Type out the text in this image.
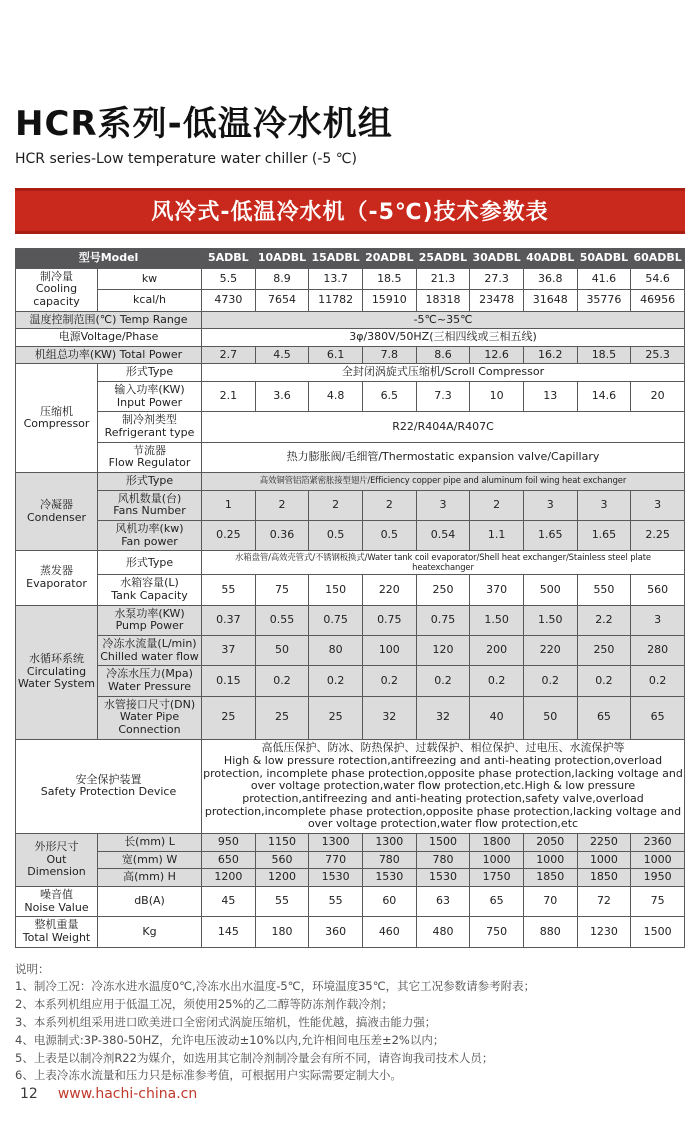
HCR系列-低温冷水机组
HCR series-Low temperature water chiller (-5 ℃)
风冷式-低温冷水机（-5℃)技术参数表
型号Model		5ADBL	10ADBL	15ADBL	20ADBL	25ADBL	30ADBL	40ADBL	50ADBL	60ADBL
制冷量
Cooling capacity	kw	5.5	8.9	13.7	18.5	21.3	27.3	36.8	41.6	54.6
	kcal/h	4730	7654	11782	15910	18318	23478	31648	35776	46956
温度控制范围(℃) Temp Range		-5℃~35℃								
电源Voltage/Phase		3φ/380V/50HZ(三相四线或三相五线)								
机组总功率(KW) Total Power		2.7	4.5	6.1	7.8	8.6	12.6	16.2	18.5	25.3
压缩机
Compressor	形式Type	全封闭涡旋式压缩机/Scroll Compressor								
	输入功率(KW)
Input Power	2.1	3.6	4.8	6.5	7.3	10	13	14.6	20
	制冷剂类型
Refrigerant type	R22/R404A/R407C								
	节流器
Flow Regulator	热力膨胀阀/毛细管/Thermostatic expansion valve/Capillary								
冷凝器
Condenser	形式Type	高效铜管铝箔紧密胀接型翅片/Efficiency copper pipe and aluminum foil wing heat exchanger								
	风机数量(台)
Fans Number	1	2	2	2	3	2	3	3	3
	风机功率(kw)
Fan power	0.25	0.36	0.5	0.5	0.54	1.1	1.65	1.65	2.25
蒸发器
Evaporator	形式Type	水箱盘管/高效壳管式/不锈钢板换式/Water tank coil evaporator/Shell heat exchanger/Stainless steel plate heatexchanger								
	水箱容量(L)
Tank Capacity	55	75	150	220	250	370	500	550	560
水循环系统
Circulating
Water System	水泵功率(KW)
Pump Power	0.37	0.55	0.75	0.75	0.75	1.50	1.50	2.2	3
	冷冻水流量(L/min)
Chilled water flow	37	50	80	100	120	200	220	250	280
	冷冻水压力(Mpa)
Water Pressure	0.15	0.2	0.2	0.2	0.2	0.2	0.2	0.2	0.2
	水管接口尺寸(DN)
Water Pipe
Connection	25	25	25	32	32	40	50	65	65
安全保护装置
Safety Protection Device	
高低压保护、防冰、防热保护、过载保护、相位保护、过电压、水流保护等
High & low pressure rotection,antifreezing and anti-heating protection,overload protection, incomplete phase protection,opposite phase protection,lacking voltage and over voltage protection,water flow protection,etc.High & low pressure protection,antifreezing and anti-heating protection,safety valve,overload protection,incomplete phase protection,opposite phase protection,lacking voltage and over voltage protection,water flow protection,etc

外形尺寸
Out Dimension	长(mm) L	950	1150	1300	1300	1500	1800	2050	2250	2360
	宽(mm) W	650	560	770	780	780	1000	1000	1000	1000
	高(mm) H	1200	1200	1530	1530	1530	1750	1850	1850	1950
噪音值
Noise Value	dB(A)	45	55	55	60	63	65	70	72	75
整机重量
Total Weight	Kg	145	180	360	460	480	750	880	1230	1500
说明：
1、制冷工况：冷冻水进水温度0℃,冷冻水出水温度-5℃，环境温度35℃，其它工况参数请参考附表；
2、本系列机组应用于低温工况，须使用25%的乙二醇等防冻剂作载冷剂；
3、本系列机组采用进口欧美进口全密闭式涡旋压缩机，性能优越，搞液击能力强；
4、电源制式:3P-380-50HZ，允许电压波动±10%以内,允许相间电压差±2%以内；
5、上表是以制冷剂R22为媒介，如选用其它制冷剂制冷量会有所不同，请咨询我司技术人员；
6、上表冷冻水流量和压力只是标准参考值，可根据用户实际需要定制大小。
12 www.hachi-china.cn
